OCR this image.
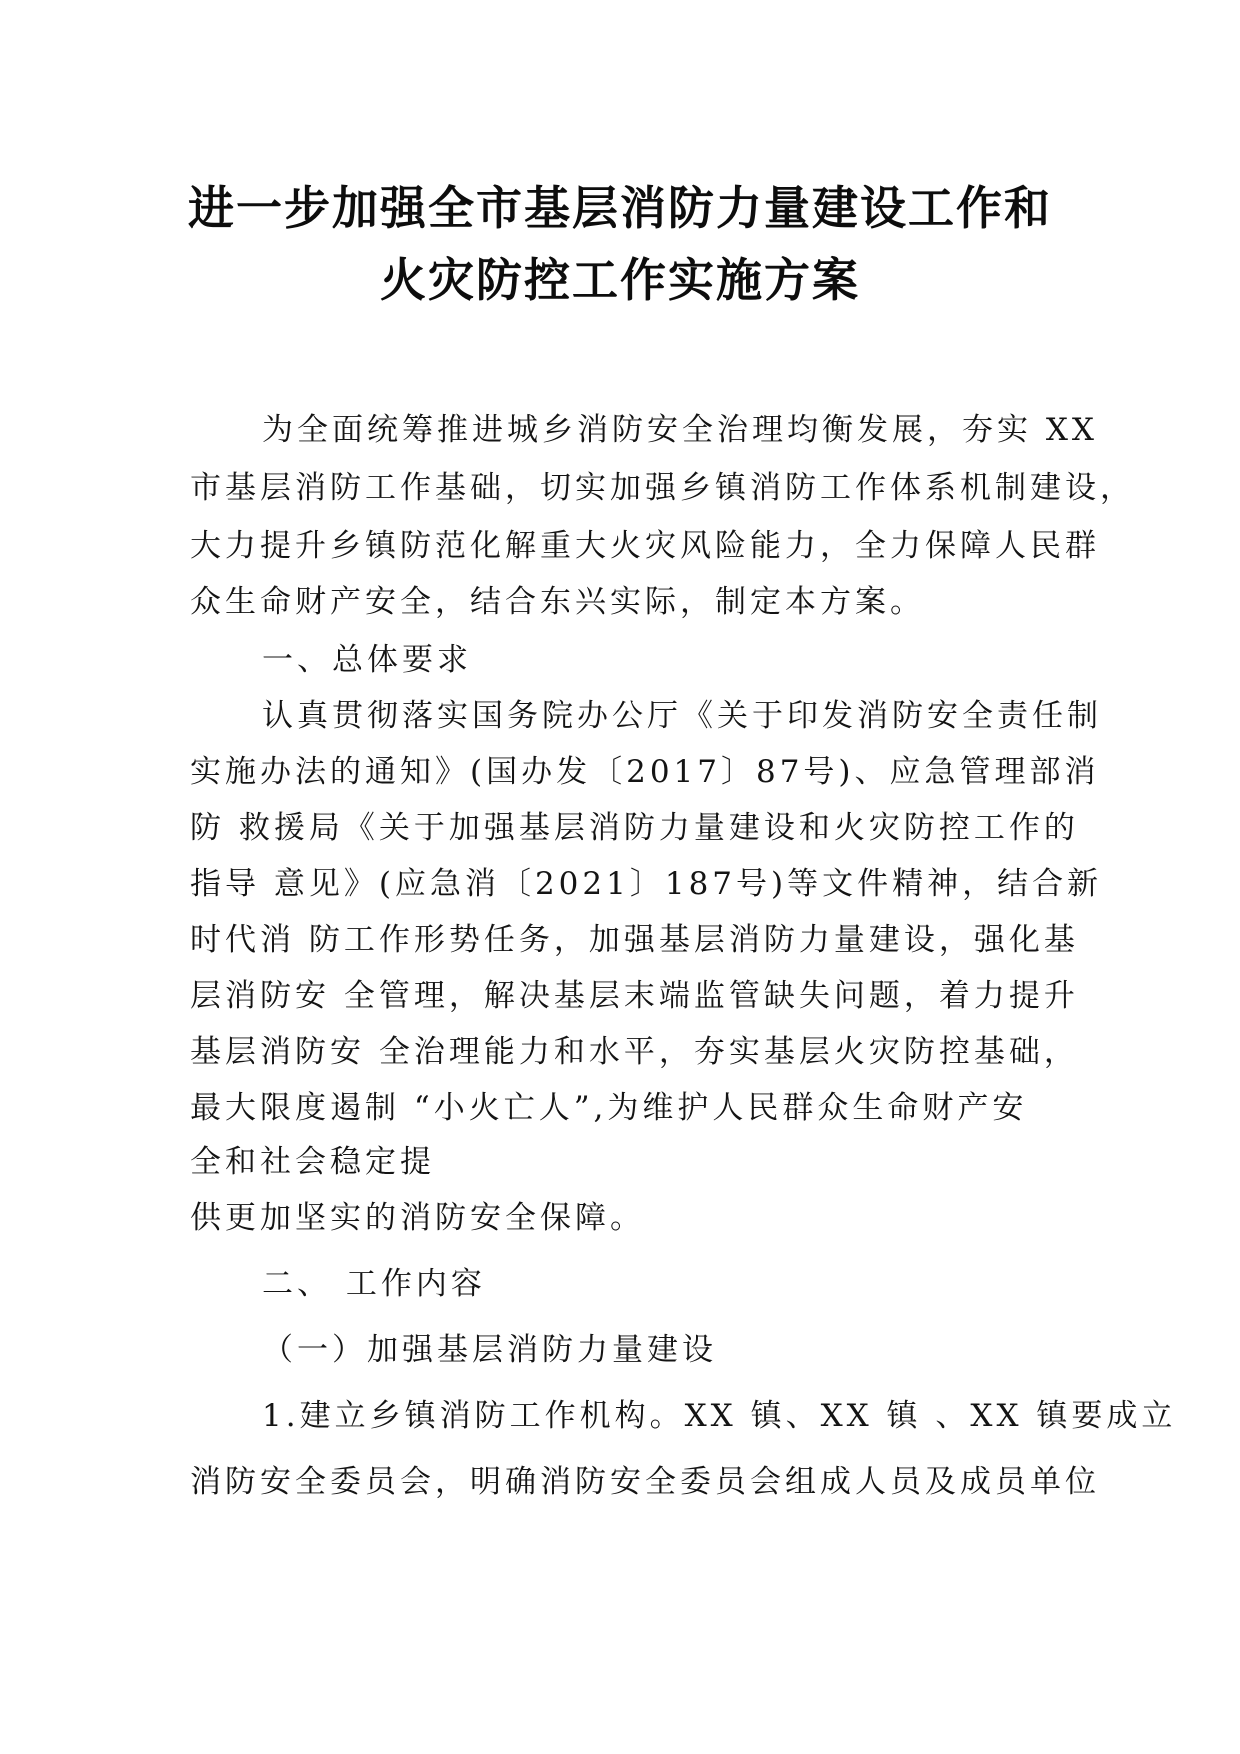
进一步加强全市基层消防力量建设工作和
火灾防控工作实施方案
为全面统筹推进城乡消防安全治理均衡发展，夯实 XX
市基层消防工作基础，切实加强乡镇消防工作体系机制建设，
大力提升乡镇防范化解重大火灾风险能力，全力保障人民群
众生命财产安全，结合东兴实际，制定本方案。
一、总体要求
认真贯彻落实国务院办公厅《关于印发消防安全责任制
实施办法的通知》(国办发〔2017〕87号)、应急管理部消
防 救援局《关于加强基层消防力量建设和火灾防控工作的
指导 意见》(应急消〔2021〕187号)等文件精神，结合新
时代消 防工作形势任务，加强基层消防力量建设，强化基
层消防安 全管理，解决基层末端监管缺失问题，着力提升
基层消防安 全治理能力和水平，夯实基层火灾防控基础，
最大限度遏制 “小火亡人”,为维护人民群众生命财产安
全和社会稳定提
供更加坚实的消防安全保障。
二、 工作内容
（一）加强基层消防力量建设
1.建立乡镇消防工作机构。XX 镇、XX 镇 、XX 镇要成立
消防安全委员会，明确消防安全委员会组成人员及成员单位
